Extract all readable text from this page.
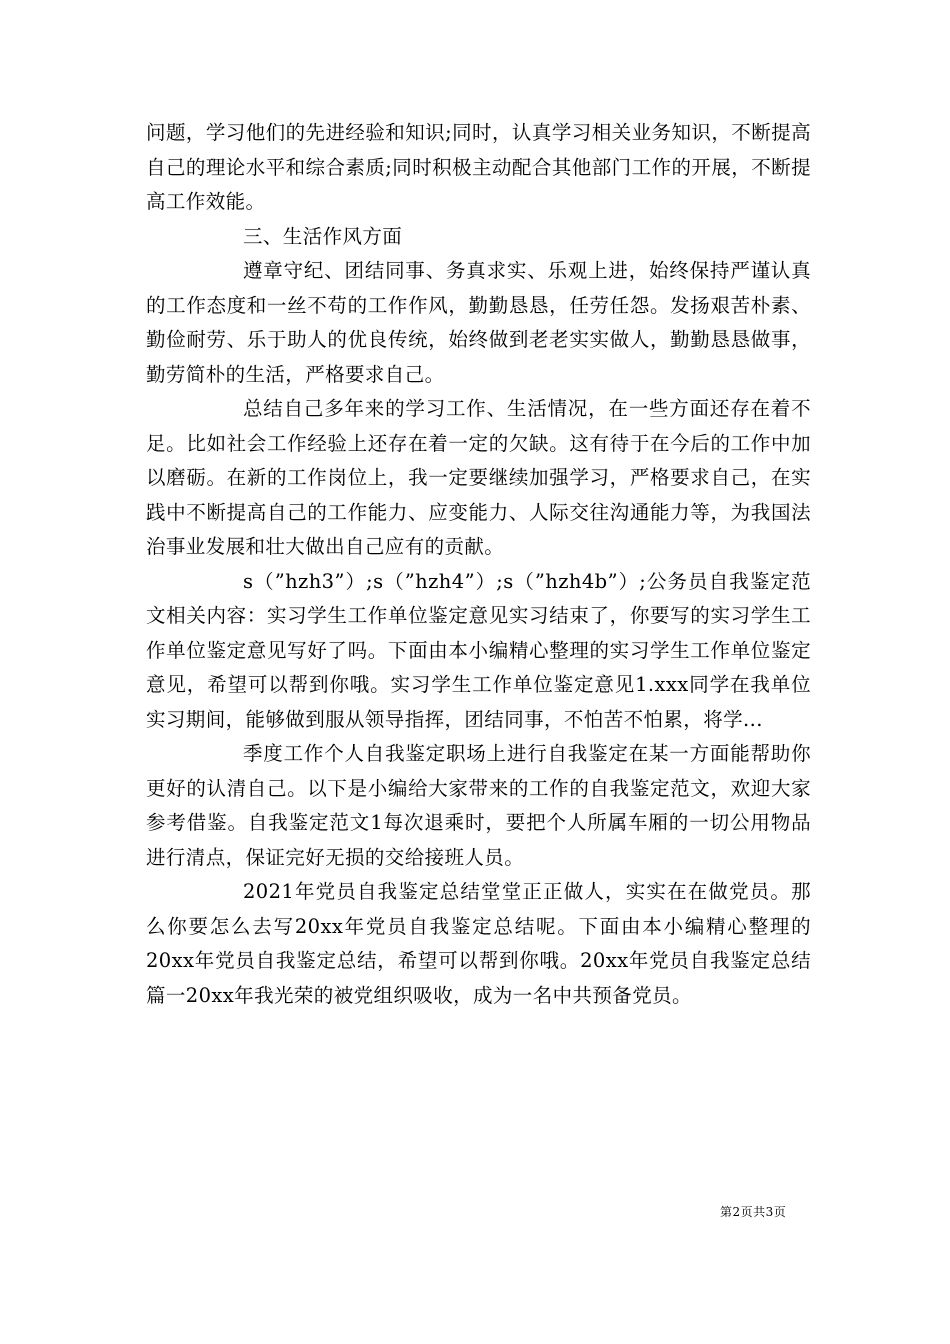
问题，学习他们的先进经验和知识;同时，认真学习相关业务知识，不断提高自己的理论水平和综合素质;同时积极主动配合其他部门工作的开展，不断提高工作效能。

三、生活作风方面

遵章守纪、团结同事、务真求实、乐观上进，始终保持严谨认真的工作态度和一丝不苟的工作作风，勤勤恳恳，任劳任怨。发扬艰苦朴素、勤俭耐劳、乐于助人的优良传统，始终做到老老实实做人，勤勤恳恳做事，勤劳简朴的生活，严格要求自己。

总结自己多年来的学习工作、生活情况，在一些方面还存在着不足。比如社会工作经验上还存在着一定的欠缺。这有待于在今后的工作中加以磨砺。在新的工作岗位上，我一定要继续加强学习，严格要求自己，在实践中不断提高自己的工作能力、应变能力、人际交往沟通能力等，为我国法治事业发展和壮大做出自己应有的贡献。

s（”hzh3”）;s（”hzh4”）;s（”hzh4b”）;公务员自我鉴定范文相关内容：实习学生工作单位鉴定意见实习结束了，你要写的实习学生工作单位鉴定意见写好了吗。下面由本小编精心整理的实习学生工作单位鉴定意见，希望可以帮到你哦。实习学生工作单位鉴定意见1.xxx同学在我单位实习期间，能够做到服从领导指挥，团结同事，不怕苦不怕累，将学...

季度工作个人自我鉴定职场上进行自我鉴定在某一方面能帮助你更好的认清自己。以下是小编给大家带来的工作的自我鉴定范文，欢迎大家参考借鉴。自我鉴定范文1每次退乘时，要把个人所属车厢的一切公用物品进行清点，保证完好无损的交给接班人员。

2021年党员自我鉴定总结堂堂正正做人，实实在在做党员。那么你要怎么去写20xx年党员自我鉴定总结呢。下面由本小编精心整理的20xx年党员自我鉴定总结，希望可以帮到你哦。20xx年党员自我鉴定总结篇一20xx年我光荣的被党组织吸收，成为一名中共预备党员。

第2页共3页
